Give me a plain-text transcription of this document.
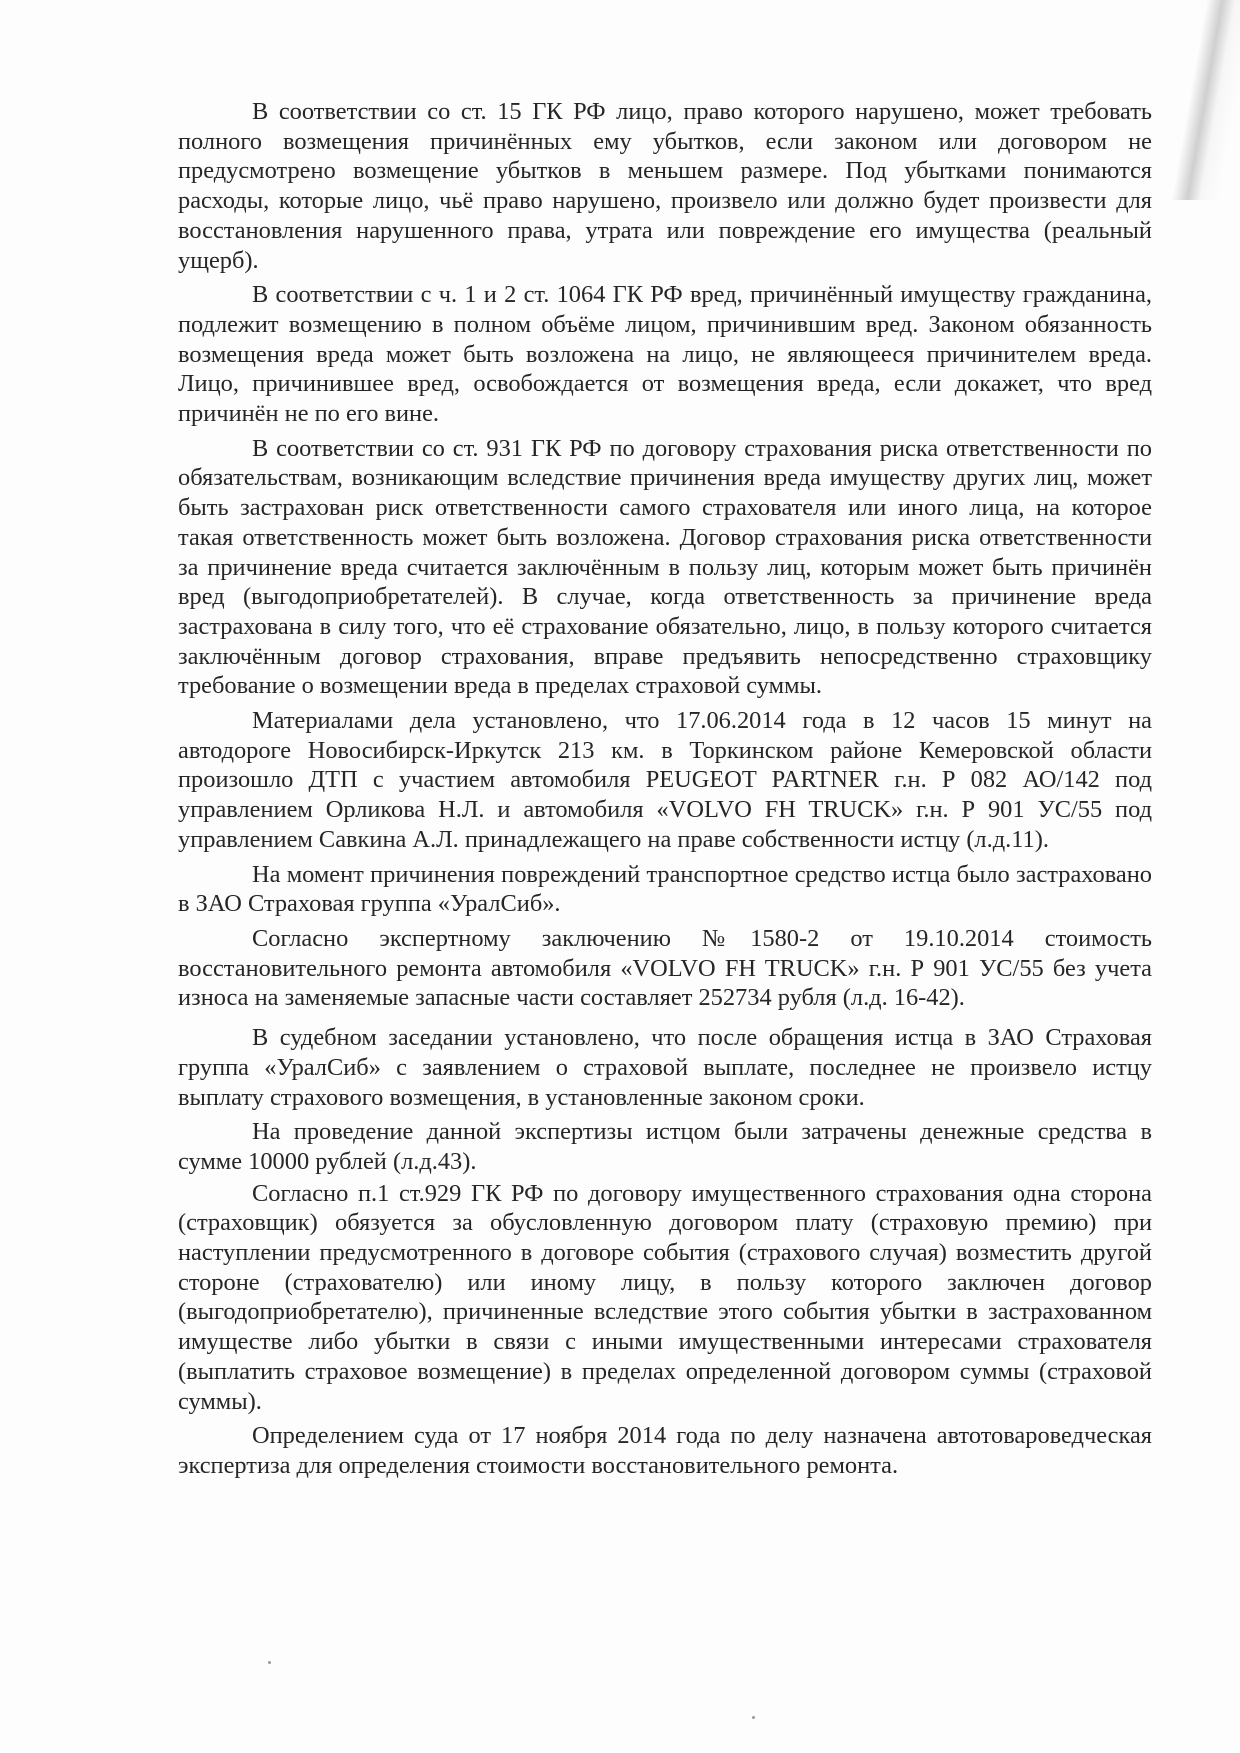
В соответствии со ст. 15 ГК РФ лицо, право которого нарушено, может требовать полного возмещения причинённых ему убытков, если законом или договором не предусмотрено возмещение убытков в меньшем размере. Под убытками понимаются расходы, которые лицо, чьё право нарушено, произвело или должно будет произвести для восстановления нарушенного права, утрата или повреждение его имущества (реальный ущерб).

В соответствии с ч. 1 и 2 ст. 1064 ГК РФ вред, причинённый имуществу гражданина, подлежит возмещению в полном объёме лицом, причинившим вред. Законом обязанность возмещения вреда может быть возложена на лицо, не являющееся причинителем вреда. Лицо, причинившее вред, освобождается от возмещения вреда, если докажет, что вред причинён не по его вине.

В соответствии со ст. 931 ГК РФ по договору страхования риска ответственности по обязательствам, возникающим вследствие причинения вреда имуществу других лиц, может быть застрахован риск ответственности самого страхователя или иного лица, на которое такая ответственность может быть возложена. Договор страхования риска ответственности за причинение вреда считается заключённым в пользу лиц, которым может быть причинён вред (выгодоприобретателей). В случае, когда ответственность за причинение вреда застрахована в силу того, что её страхование обязательно, лицо, в пользу которого считается заключённым договор страхования, вправе предъявить непосредственно страховщику требование о возмещении вреда в пределах страховой суммы.

Материалами дела установлено, что 17.06.2014 года в 12 часов 15 минут на автодороге Новосибирск-Иркутск 213 км. в Торкинском районе Кемеровской области произошло ДТП с участием автомобиля PEUGEOT PARTNER г.н. Р 082 АО/142 под управлением Орликова Н.Л. и автомобиля «VOLVO FH TRUCK» г.н. Р 901 УС/55 под управлением Савкина А.Л. принадлежащего на праве собственности истцу (л.д.11).

На момент причинения повреждений транспортное средство истца было застраховано в ЗАО Страховая группа «УралСиб».

Согласно экспертному заключению №1580-2 от 19.10.2014 стоимость восстановительного ремонта автомобиля «VOLVO FH TRUCK» г.н. Р 901 УС/55 без учета износа на заменяемые запасные части составляет 252734 рубля (л.д. 16-42).

В судебном заседании установлено, что после обращения истца в ЗАО Страховая группа «УралСиб» с заявлением о страховой выплате, последнее не произвело истцу выплату страхового возмещения, в установленные законом сроки.

На проведение данной экспертизы истцом были затрачены денежные средства в сумме 10000 рублей (л.д.43).

Согласно п.1 ст.929 ГК РФ по договору имущественного страхования одна сторона (страховщик) обязуется за обусловленную договором плату (страховую премию) при наступлении предусмотренного в договоре события (страхового случая) возместить другой стороне (страхователю) или иному лицу, в пользу которого заключен договор (выгодоприобретателю), причиненные вследствие этого события убытки в застрахованном имуществе либо убытки в связи с иными имущественными интересами страхователя (выплатить страховое возмещение) в пределах определенной договором суммы (страховой суммы).

Определением суда от 17 ноября 2014 года по делу назначена автотовароведческая экспертиза для определения стоимости восстановительного ремонта.
